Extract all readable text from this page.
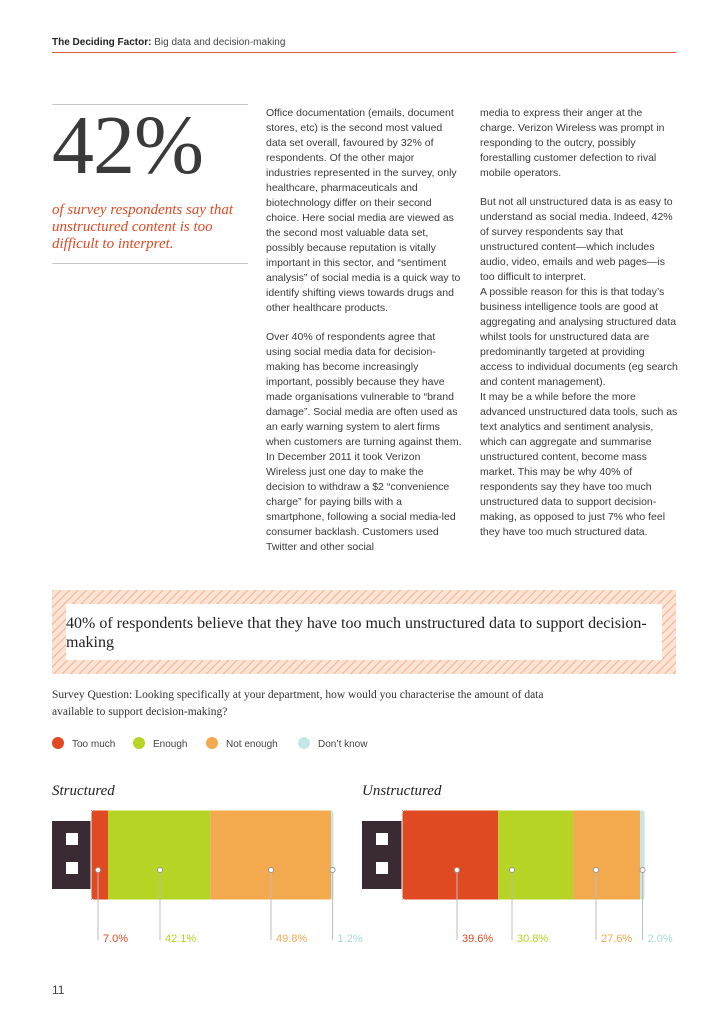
The Deciding Factor: Big data and decision-making
42%
of survey respondents say that unstructured content is too difficult to interpret.

Office documentation (emails, document stores, etc) is the second most valued data set overall, favoured by 32% of respondents. Of the other major industries represented in the survey, only healthcare, pharmaceuticals and biotechnology differ on their second choice. Here social media are viewed as the second most valuable data set, possibly because reputation is vitally important in this sector, and “sentiment analysis” of social media is a quick way to identify shifting views towards drugs and other healthcare products.

Over 40% of respondents agree that using social media data for decision-making has become increasingly important, possibly because they have made organisations vulnerable to “brand damage”. Social media are often used as an early warning system to alert firms when customers are turning against them. In December 2011 it took Verizon Wireless just one day to make the decision to withdraw a $2 “convenience charge” for paying bills with a smartphone, following a social media-led consumer backlash. Customers used Twitter and other social

media to express their anger at the charge. Verizon Wireless was prompt in responding to the outcry, possibly forestalling customer defection to rival mobile operators.

But not all unstructured data is as easy to understand as social media. Indeed, 42% of survey respondents say that unstructured content—which includes audio, video, emails and web pages—is too difficult to interpret.

A possible reason for this is that today’s business intelligence tools are good at aggregating and analysing structured data whilst tools for unstructured data are predominantly targeted at providing access to individual documents (eg search and content management).

It may be a while before the more advanced unstructured data tools, such as text analytics and sentiment analysis, which can aggregate and summarise unstructured content, become mass market. This may be why 40% of respondents say they have too much unstructured data to support decision-making, as opposed to just 7% who feel they have too much structured data.

40% of respondents believe that they have too much unstructured data to support decision-making
Survey Question: Looking specifically at your department, how would you characterise the amount of data available to support decision-making?
Too much	Enough	Not enough	Don’t know
Structured	Unstructured
7.0%	42.1%	49.8%	1.2%	39.6% 30.8%	27.6% 2.0%
11
